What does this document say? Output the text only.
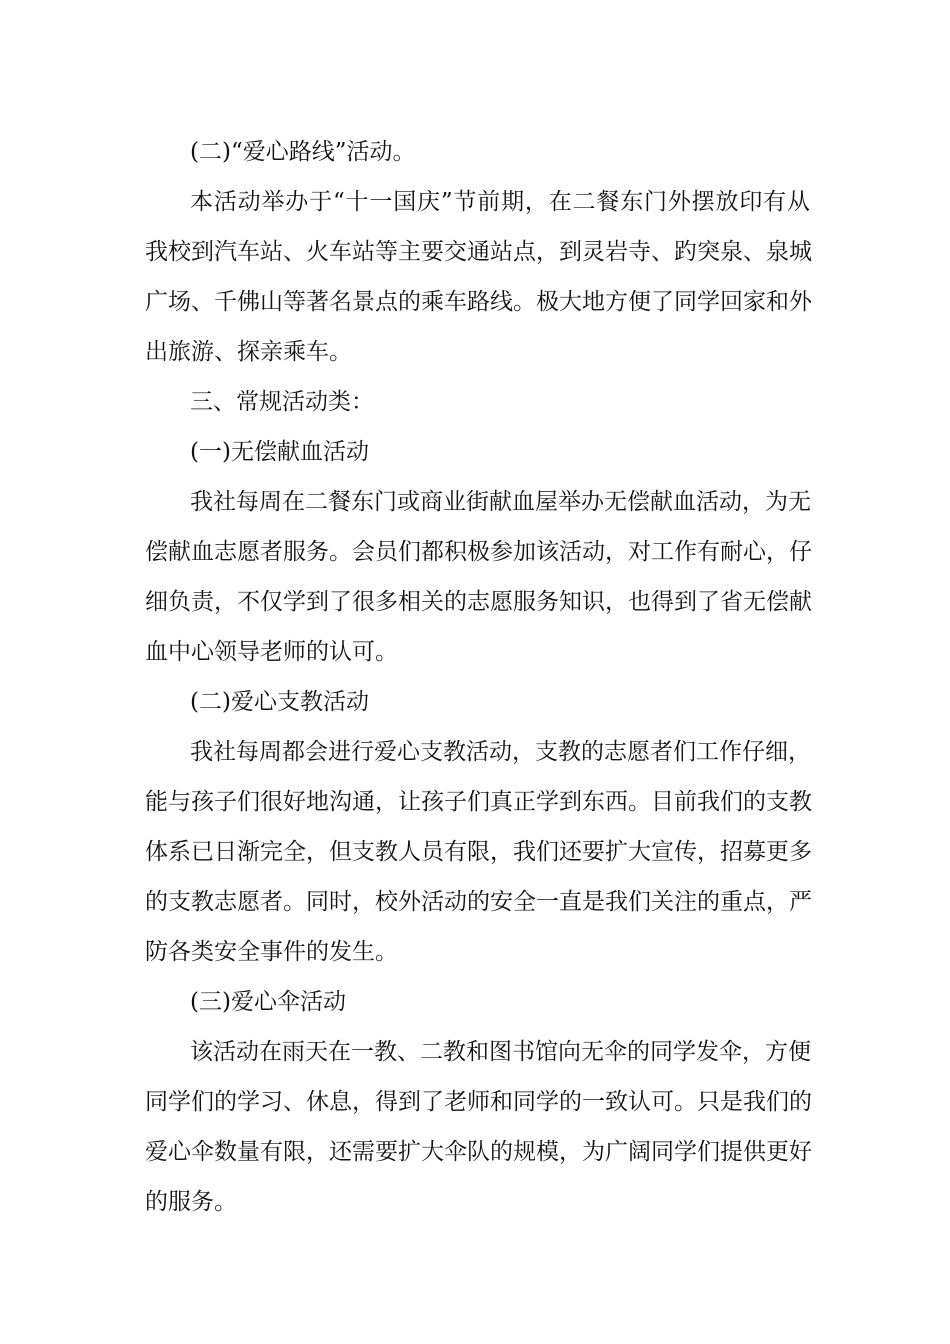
(二)“爱心路线”活动。
本活动举办于“十一国庆”节前期，在二餐东门外摆放印有从
我校到汽车站、火车站等主要交通站点，到灵岩寺、趵突泉、泉城
广场、千佛山等著名景点的乘车路线。极大地方便了同学回家和外
出旅游、探亲乘车。
三、常规活动类：
(一)无偿献血活动
我社每周在二餐东门或商业街献血屋举办无偿献血活动，为无
偿献血志愿者服务。会员们都积极参加该活动，对工作有耐心，仔
细负责，不仅学到了很多相关的志愿服务知识，也得到了省无偿献
血中心领导老师的认可。
(二)爱心支教活动
我社每周都会进行爱心支教活动，支教的志愿者们工作仔细，
能与孩子们很好地沟通，让孩子们真正学到东西。目前我们的支教
体系已日渐完全，但支教人员有限，我们还要扩大宣传，招募更多
的支教志愿者。同时，校外活动的安全一直是我们关注的重点，严
防各类安全事件的发生。
(三)爱心伞活动
该活动在雨天在一教、二教和图书馆向无伞的同学发伞，方便
同学们的学习、休息，得到了老师和同学的一致认可。只是我们的
爱心伞数量有限，还需要扩大伞队的规模，为广阔同学们提供更好
的服务。
